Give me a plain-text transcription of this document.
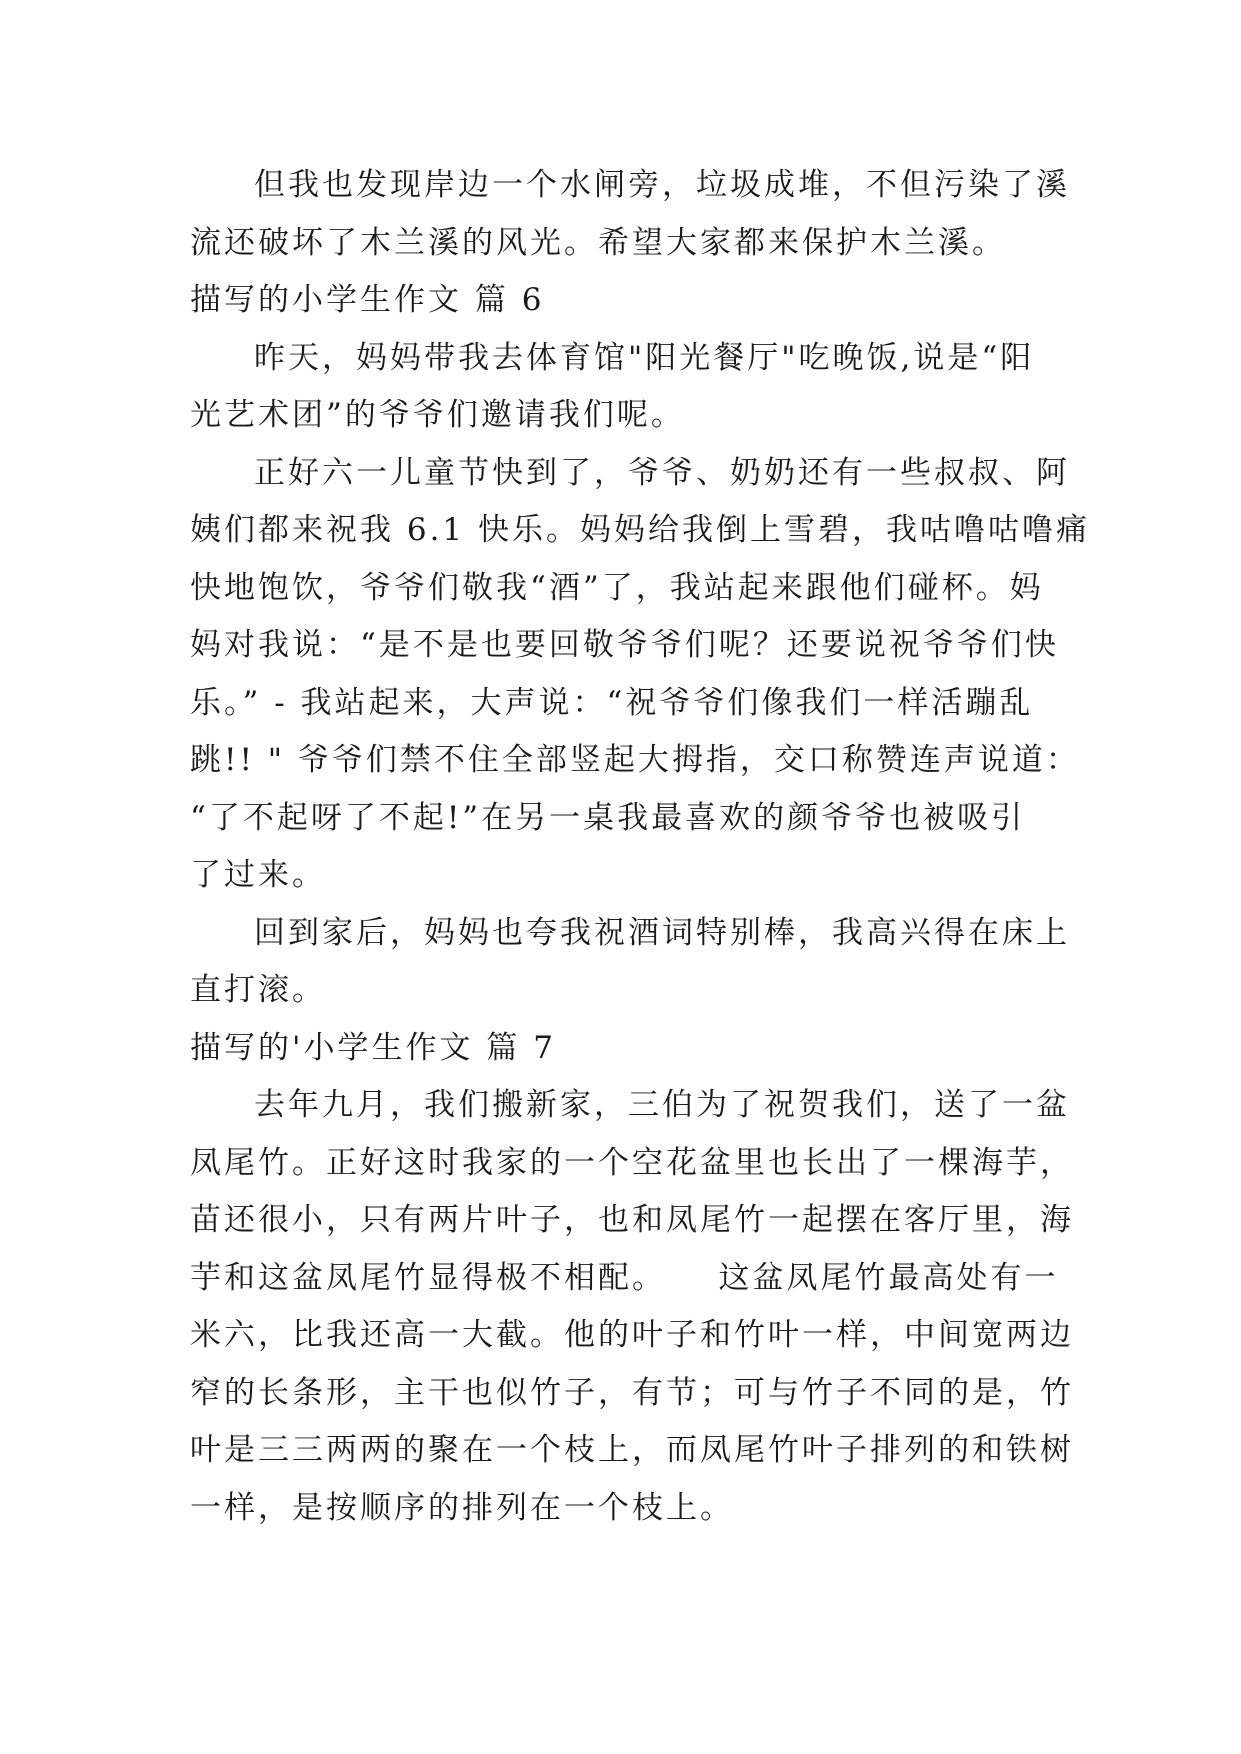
但我也发现岸边一个水闸旁，垃圾成堆，不但污染了溪
流还破坏了木兰溪的风光。希望大家都来保护木兰溪。
描写的小学生作文 篇 6
昨天，妈妈带我去体育馆"阳光餐厅"吃晚饭,说是“阳
光艺术团”的爷爷们邀请我们呢。
正好六一儿童节快到了，爷爷、奶奶还有一些叔叔、阿
姨们都来祝我 6.1 快乐。妈妈给我倒上雪碧，我咕噜咕噜痛
快地饱饮，爷爷们敬我“酒”了，我站起来跟他们碰杯。妈
妈对我说：“是不是也要回敬爷爷们呢？还要说祝爷爷们快
乐。” - 我站起来，大声说：“祝爷爷们像我们一样活蹦乱
跳!! " 爷爷们禁不住全部竖起大拇指，交口称赞连声说道：
“了不起呀了不起!”在另一桌我最喜欢的颜爷爷也被吸引
了过来。
回到家后，妈妈也夸我祝酒词特别棒，我高兴得在床上
直打滚。
描写的'小学生作文 篇 7
去年九月，我们搬新家，三伯为了祝贺我们，送了一盆
凤尾竹。正好这时我家的一个空花盆里也长出了一棵海芋，
苗还很小，只有两片叶子，也和凤尾竹一起摆在客厅里，海
芋和这盆凤尾竹显得极不相配。　　这盆凤尾竹最高处有一
米六，比我还高一大截。他的叶子和竹叶一样，中间宽两边
窄的长条形，主干也似竹子，有节；可与竹子不同的是，竹
叶是三三两两的聚在一个枝上，而凤尾竹叶子排列的和铁树
一样，是按顺序的排列在一个枝上。
